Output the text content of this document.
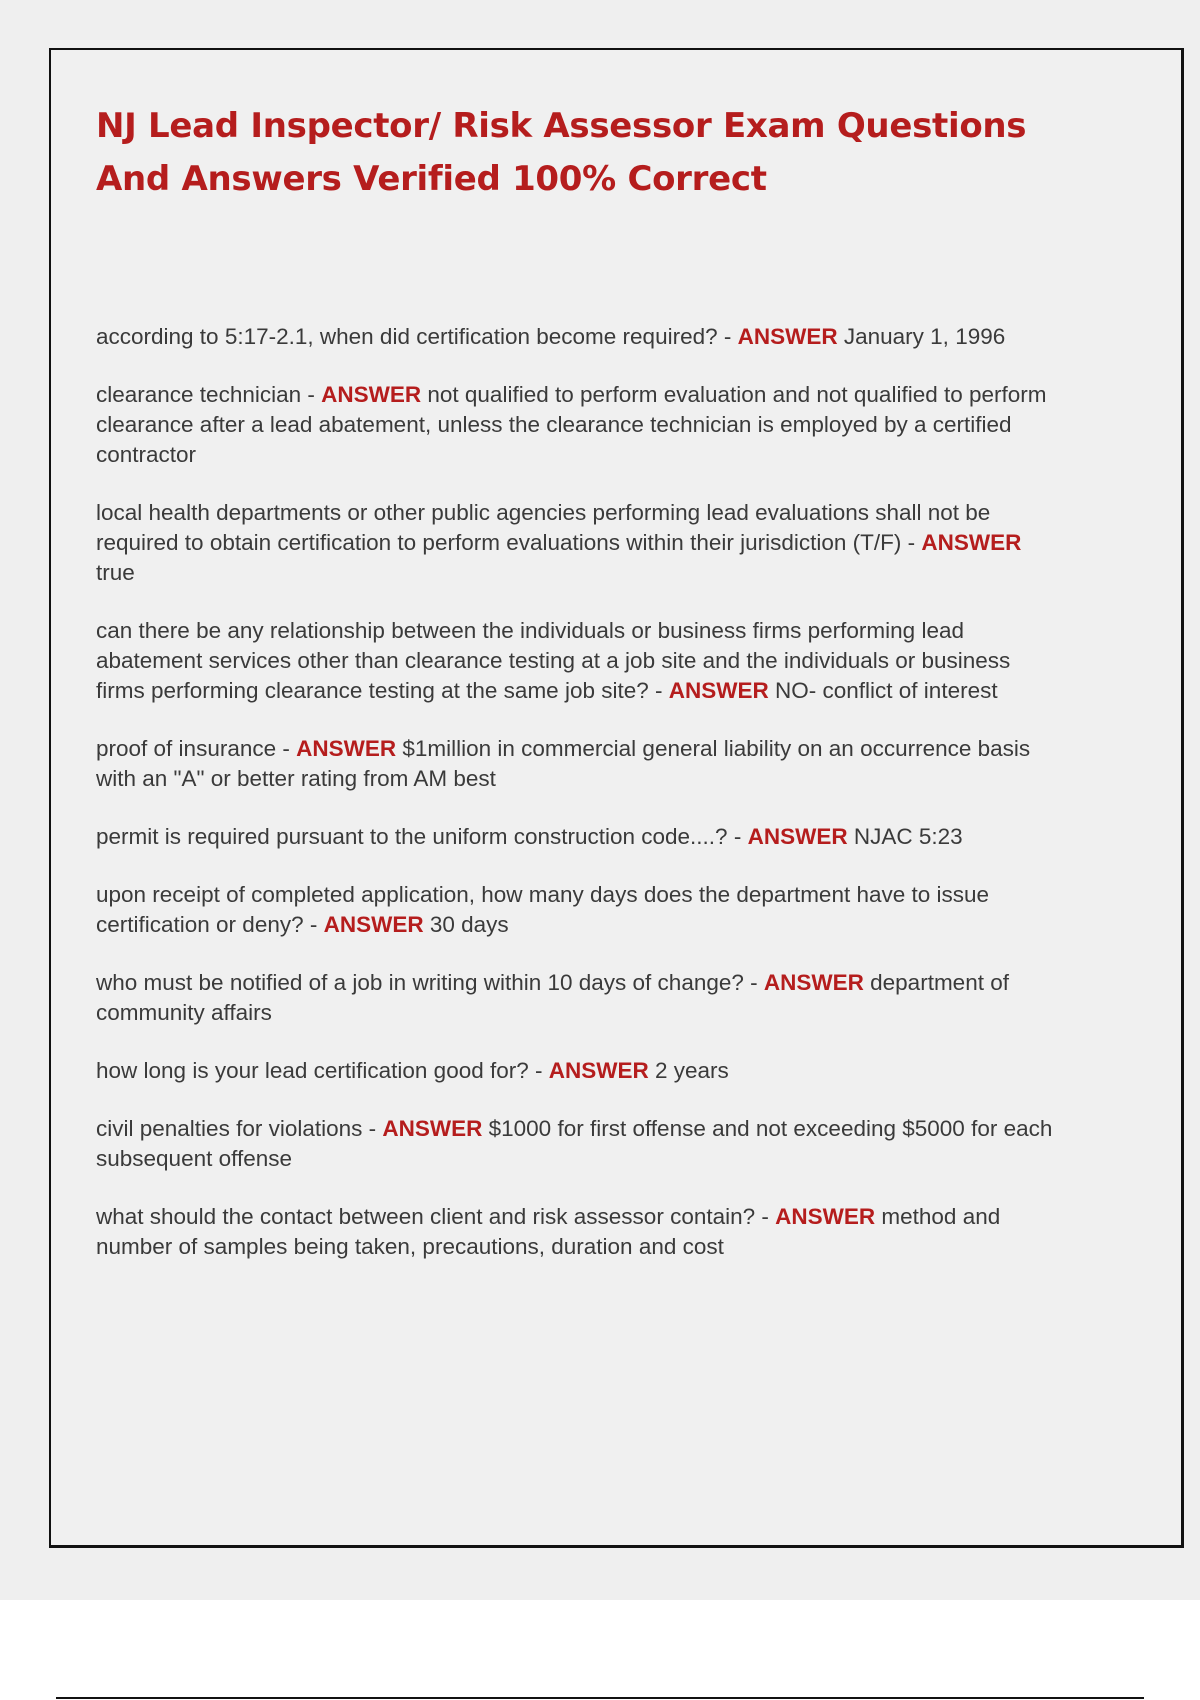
NJ Lead Inspector/ Risk Assessor Exam Questions And Answers Verified 100% Correct

according to 5:17-2.1, when did certification become required? - ANSWER January 1, 1996

clearance technician - ANSWER not qualified to perform evaluation and not qualified to perform clearance after a lead abatement, unless the clearance technician is employed by a certified contractor

local health departments or other public agencies performing lead evaluations shall not be required to obtain certification to perform evaluations within their jurisdiction (T/F) - ANSWER true

can there be any relationship between the individuals or business firms performing lead abatement services other than clearance testing at a job site and the individuals or business firms performing clearance testing at the same job site? - ANSWER NO- conflict of interest

proof of insurance - ANSWER $1million in commercial general liability on an occurrence basis with an "A" or better rating from AM best

permit is required pursuant to the uniform construction code....? - ANSWER NJAC 5:23

upon receipt of completed application, how many days does the department have to issue certification or deny? - ANSWER 30 days

who must be notified of a job in writing within 10 days of change? - ANSWER department of community affairs

how long is your lead certification good for? - ANSWER 2 years

civil penalties for violations - ANSWER $1000 for first offense and not exceeding $5000 for each subsequent offense

what should the contact between client and risk assessor contain? - ANSWER method and number of samples being taken, precautions, duration and cost
